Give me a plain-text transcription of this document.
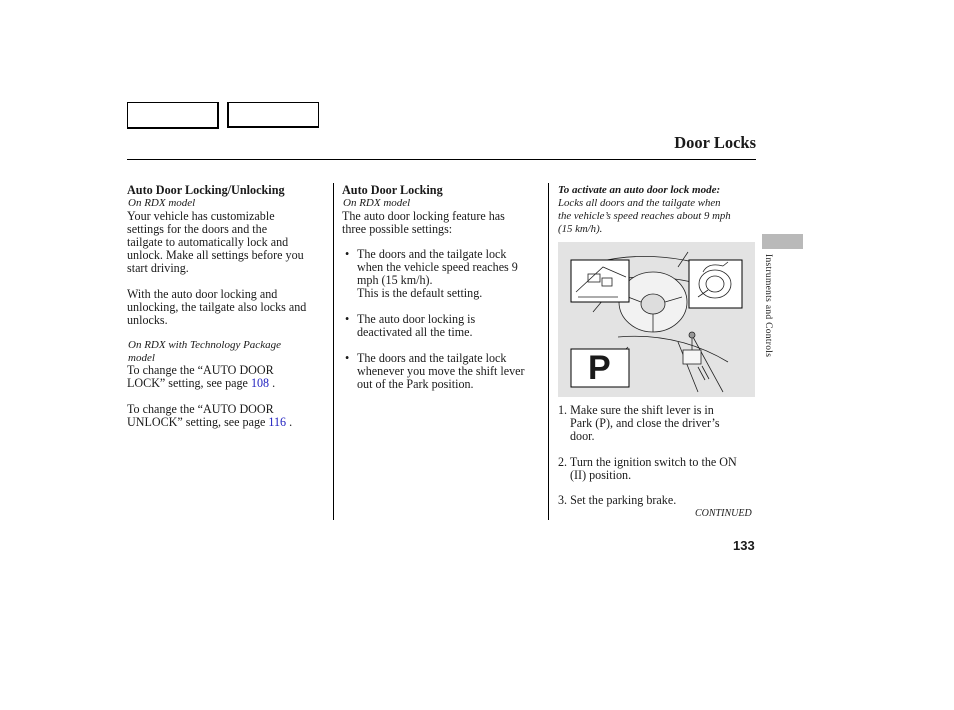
Door Locks
Auto Door Locking/Unlocking
On RDX model
Your vehicle has customizable
settings for the doors and the
tailgate to automatically lock and
unlock. Make all settings before you
start driving.
With the auto door locking and
unlocking, the tailgate also locks and
unlocks.
On RDX with Technology Package
model
To change the “AUTO DOOR
LOCK” setting, see page 108 .
To change the “AUTO DOOR
UNLOCK” setting, see page 116 .
Auto Door Locking
On RDX model
The auto door locking feature has
three possible settings:
• The doors and the tailgate lock
when the vehicle speed reaches 9
mph (15 km/h).
This is the default setting.
• The auto door locking is
deactivated all the time.
• The doors and the tailgate lock
whenever you move the shift lever
out of the Park position.
To activate an auto door lock mode:
Locks all doors and the tailgate when
the vehicle’s speed reaches about 9 mph
(15 km/h).
P
1. Make sure the shift lever is in
Park (P), and close the driver’s
door.
2. Turn the ignition switch to the ON
(II) position.
3. Set the parking brake.
CONTINUED
Instruments and Controls
133
